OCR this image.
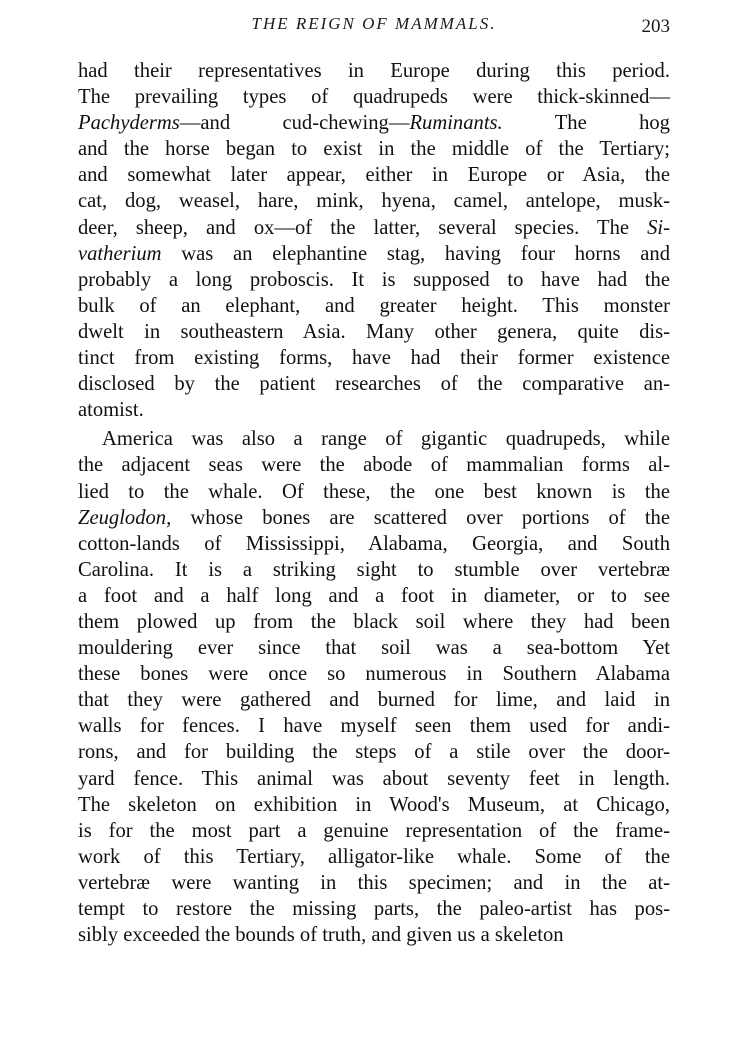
THE REIGN OF MAMMALS.	203
had their representatives in Europe during this period.
The prevailing types of quadrupeds were thick-skinned—
Pachyderms—and cud-chewing—Ruminants. The hog
and the horse began to exist in the middle of the Tertiary;
and somewhat later appear, either in Europe or Asia, the
cat, dog, weasel, hare, mink, hyena, camel, antelope, musk-
deer, sheep, and ox—of the latter, several species. The Si-
vatherium was an elephantine stag, having four horns and
probably a long proboscis. It is supposed to have had the
bulk of an elephant, and greater height. This monster
dwelt in southeastern Asia. Many other genera, quite dis-
tinct from existing forms, have had their former existence
disclosed by the patient researches of the comparative an-
atomist.
America was also a range of gigantic quadrupeds, while
the adjacent seas were the abode of mammalian forms al-
lied to the whale. Of these, the one best known is the
Zeuglodon, whose bones are scattered over portions of the
cotton-lands of Mississippi, Alabama, Georgia, and South
Carolina. It is a striking sight to stumble over vertebræ
a foot and a half long and a foot in diameter, or to see
them plowed up from the black soil where they had been
mouldering ever since that soil was a sea-bottom Yet
these bones were once so numerous in Southern Alabama
that they were gathered and burned for lime, and laid in
walls for fences. I have myself seen them used for andi-
rons, and for building the steps of a stile over the door-
yard fence. This animal was about seventy feet in length.
The skeleton on exhibition in Wood's Museum, at Chicago,
is for the most part a genuine representation of the frame-
work of this Tertiary, alligator-like whale. Some of the
vertebræ were wanting in this specimen; and in the at-
tempt to restore the missing parts, the paleo-artist has pos-
sibly exceeded the bounds of truth, and given us a skeleton
